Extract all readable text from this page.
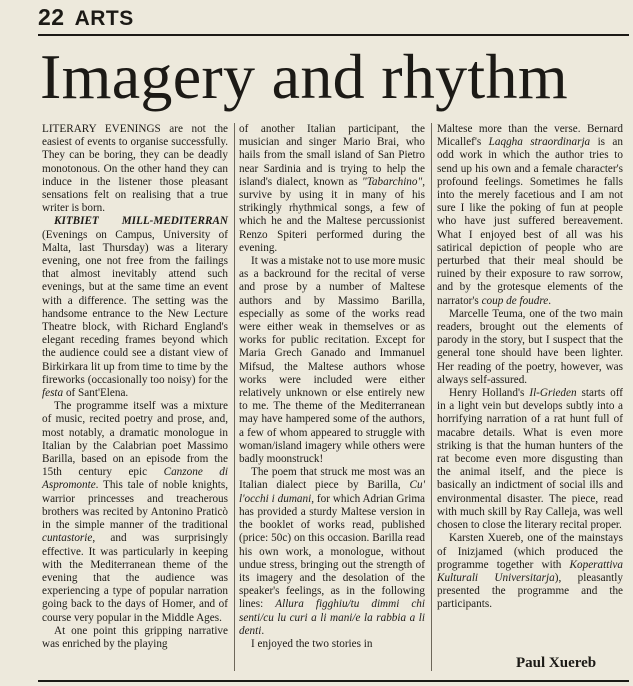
22 ARTS
Imagery and rhythm

LITERARY EVENINGS are not the easiest of events to organise successfully. They can be boring, they can be deadly monotonous. On the other hand they can induce in the listener those pleasant sensations felt on realising that a true writer is born.

KITBIET MILL-MEDITERRAN (Evenings on Campus, University of Malta, last Thursday) was a literary evening, one not free from the failings that almost inevitably attend such evenings, but at the same time an event with a difference. The setting was the handsome entrance to the New Lecture Theatre block, with Richard England's elegant receding frames beyond which the audience could see a distant view of Birkirkara lit up from time to time by the fireworks (occasionally too noisy) for the festa of Sant'Elena.

The programme itself was a mixture of music, recited poetry and prose, and, most notably, a dramatic monologue in Italian by the Calabrian poet Massimo Barilla, based on an episode from the 15th century epic Canzone di Aspromonte. This tale of noble knights, warrior princesses and treacherous brothers was recited by Antonino Praticò in the simple manner of the traditional cuntastorie, and was surprisingly effective. It was particularly in keeping with the Mediterranean theme of the evening that the audience was experiencing a type of popular narration going back to the days of Homer, and of course very popular in the Middle Ages.

At one point this gripping narrative was enriched by the playing

of another Italian participant, the musician and singer Mario Brai, who hails from the small island of San Pietro near Sardinia and is trying to help the island's dialect, known as "Tabarchino", survive by using it in many of his strikingly rhythmical songs, a few of which he and the Maltese percussionist Renzo Spiteri performed during the evening.

It was a mistake not to use more music as a backround for the recital of verse and prose by a number of Maltese authors and by Massimo Barilla, especially as some of the works read were either weak in themselves or as works for public recitation. Except for Maria Grech Ganado and Immanuel Mifsud, the Maltese authors whose works were included were either relatively unknown or else entirely new to me. The theme of the Mediterranean may have hampered some of the authors, a few of whom appeared to struggle with woman/island imagery while others were badly moonstruck!

The poem that struck me most was an Italian dialect piece by Barilla, Cu' l'occhi i dumani, for which Adrian Grima has provided a sturdy Maltese version in the booklet of works read, published (price: 50c) on this occasion. Barilla read his own work, a monologue, without undue stress, bringing out the strength of its imagery and the desolation of the speaker's feelings, as in the following lines: Allura figghiu/tu dimmi chi senti/cu lu curi a li mani/e la rabbia a li denti.

I enjoyed the two stories in

Maltese more than the verse. Bernard Micallef's Laqgha straordinarja is an odd work in which the author tries to send up his own and a female character's profound feelings. Sometimes he falls into the merely facetious and I am not sure I like the poking of fun at people who have just suffered bereavement. What I enjoyed best of all was his satirical depiction of people who are perturbed that their meal should be ruined by their exposure to raw sorrow, and by the grotesque elements of the narrator's coup de foudre.

Marcelle Teuma, one of the two main readers, brought out the elements of parody in the story, but I suspect that the general tone should have been lighter. Her reading of the poetry, however, was always self-assured.

Henry Holland's Il-Grieden starts off in a light vein but develops subtly into a horrifying narration of a rat hunt full of macabre details. What is even more striking is that the human hunters of the rat become even more disgusting than the animal itself, and the piece is basically an indictment of social ills and environmental disaster. The piece, read with much skill by Ray Calleja, was well chosen to close the literary recital proper.

Karsten Xuereb, one of the mainstays of Inizjamed (which produced the programme together with Koperattiva Kulturali Universitarja), pleasantly presented the programme and the participants.

Paul Xuereb
